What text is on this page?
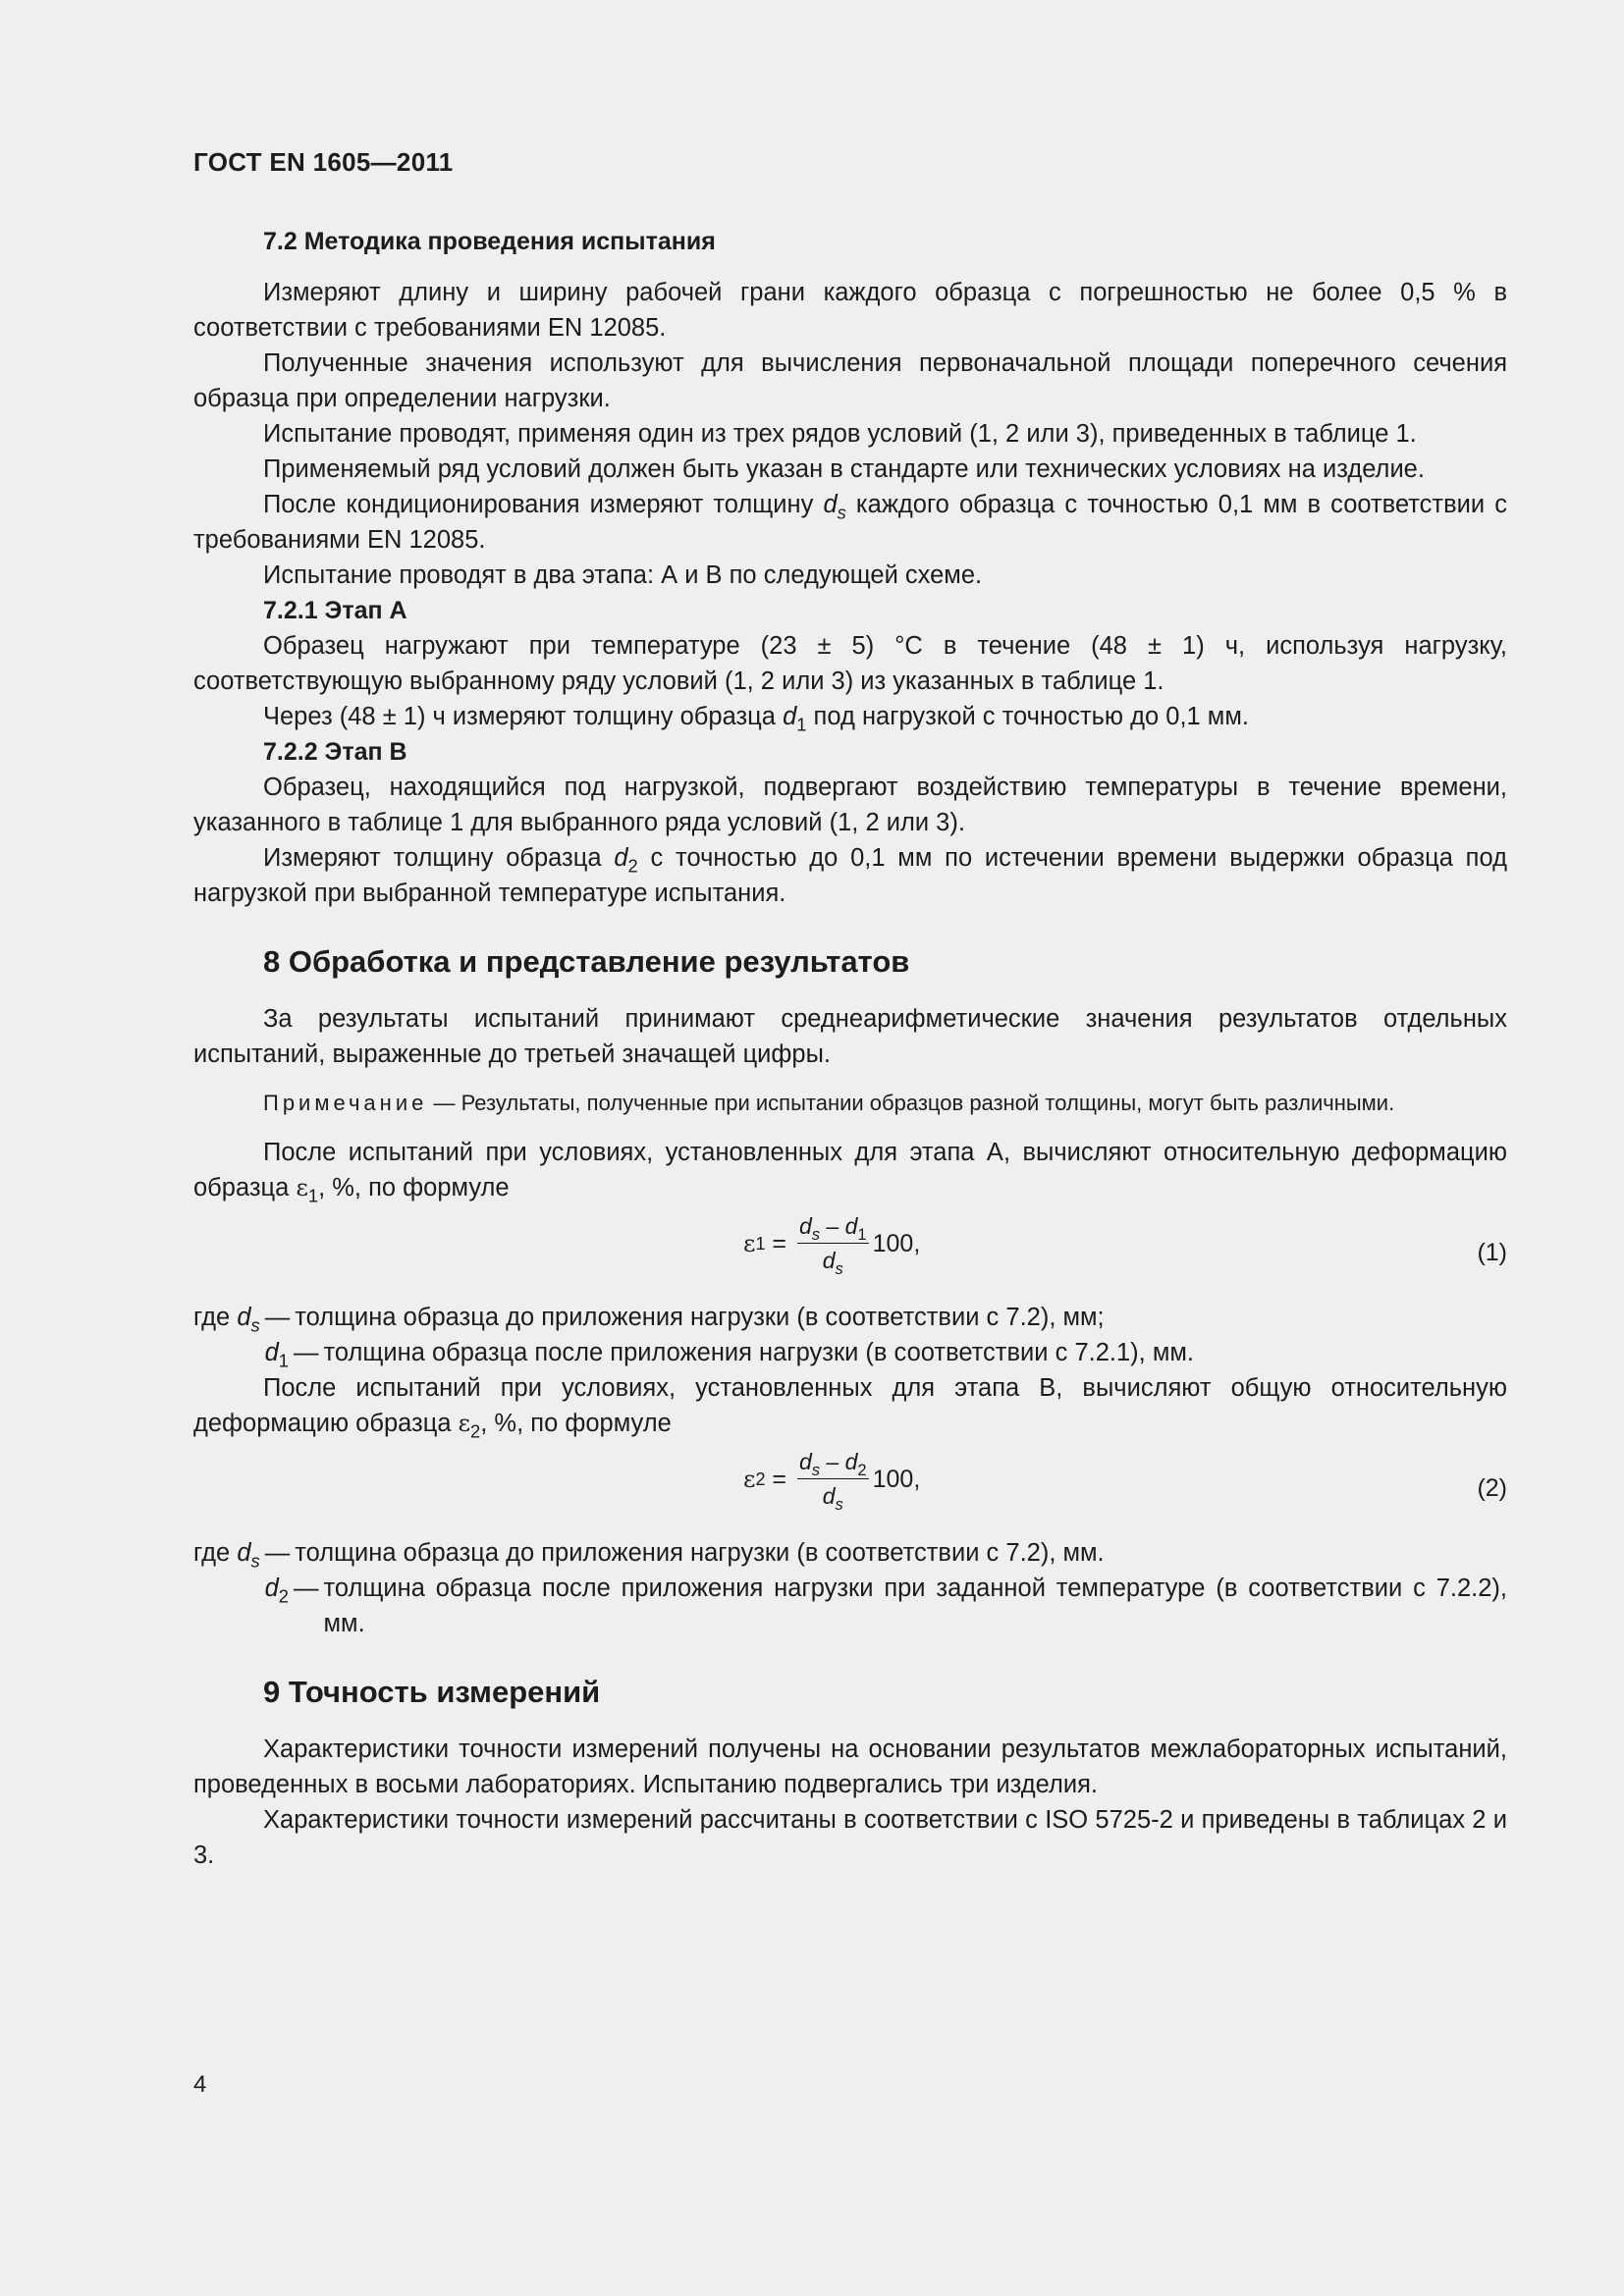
ГОСТ EN 1605—2011
7.2 Методика проведения испытания

Измеряют длину и ширину рабочей грани каждого образца с погрешностью не более 0,5 % в соответствии с требованиями EN 12085.

Полученные значения используют для вычисления первоначальной площади поперечного сечения образца при определении нагрузки.

Испытание проводят, применяя один из трех рядов условий (1, 2 или 3), приведенных в таблице 1.

Применяемый ряд условий должен быть указан в стандарте или технических условиях на изделие.

После кондиционирования измеряют толщину $d_s$ каждого образца с точностью 0,1 мм в соответствии с требованиями EN 12085.

Испытание проводят в два этапа: А и В по следующей схеме.

7.2.1 Этап А

Образец нагружают при температуре (23 ± 5) °С в течение (48 ± 1) ч, используя нагрузку, соответствующую выбранному ряду условий (1, 2 или 3) из указанных в таблице 1.

Через (48 ± 1) ч измеряют толщину образца $d_1$ под нагрузкой с точностью до 0,1 мм.

7.2.2 Этап В

Образец, находящийся под нагрузкой, подвергают воздействию температуры в течение времени, указанного в таблице 1 для выбранного ряда условий (1, 2 или 3).

Измеряют толщину образца $d_2$ с точностью до 0,1 мм по истечении времени выдержки образца под нагрузкой при выбранной температуре испытания.

8 Обработка и представление результатов

За результаты испытаний принимают среднеарифметические значения результатов отдельных испытаний, выраженные до третьей значащей цифры.

Примечание — Результаты, полученные при испытании образцов разной толщины, могут быть различными.

После испытаний при условиях, установленных для этапа А, вычисляют относительную деформацию образца $\varepsilon_1$, %, по формуле

ε $1 = \frac{d_s - d_1}{d_s} 100$,	(1)
где $d_s$ — толщина образца до приложения нагрузки (в соответствии с 7.2), мм;
$d_1$ — толщина образца после приложения нагрузки (в соответствии с 7.2.1), мм.

После испытаний при условиях, установленных для этапа В, вычисляют общую относительную деформацию образца $\varepsilon_2$, %, по формуле

ε $2 = \frac{d_s - d_2}{d_s} 100$,	(2)
где $d_s$ — толщина образца до приложения нагрузки (в соответствии с 7.2), мм.
$d_2$ — толщина образца после приложения нагрузки при заданной температуре (в соответствии с 7.2.2), мм.
9 Точность измерений

Характеристики точности измерений получены на основании результатов межлабораторных испытаний, проведенных в восьми лабораториях. Испытанию подвергались три изделия.

Характеристики точности измерений рассчитаны в соответствии с ISO 5725-2 и приведены в таблицах 2 и 3.

4
